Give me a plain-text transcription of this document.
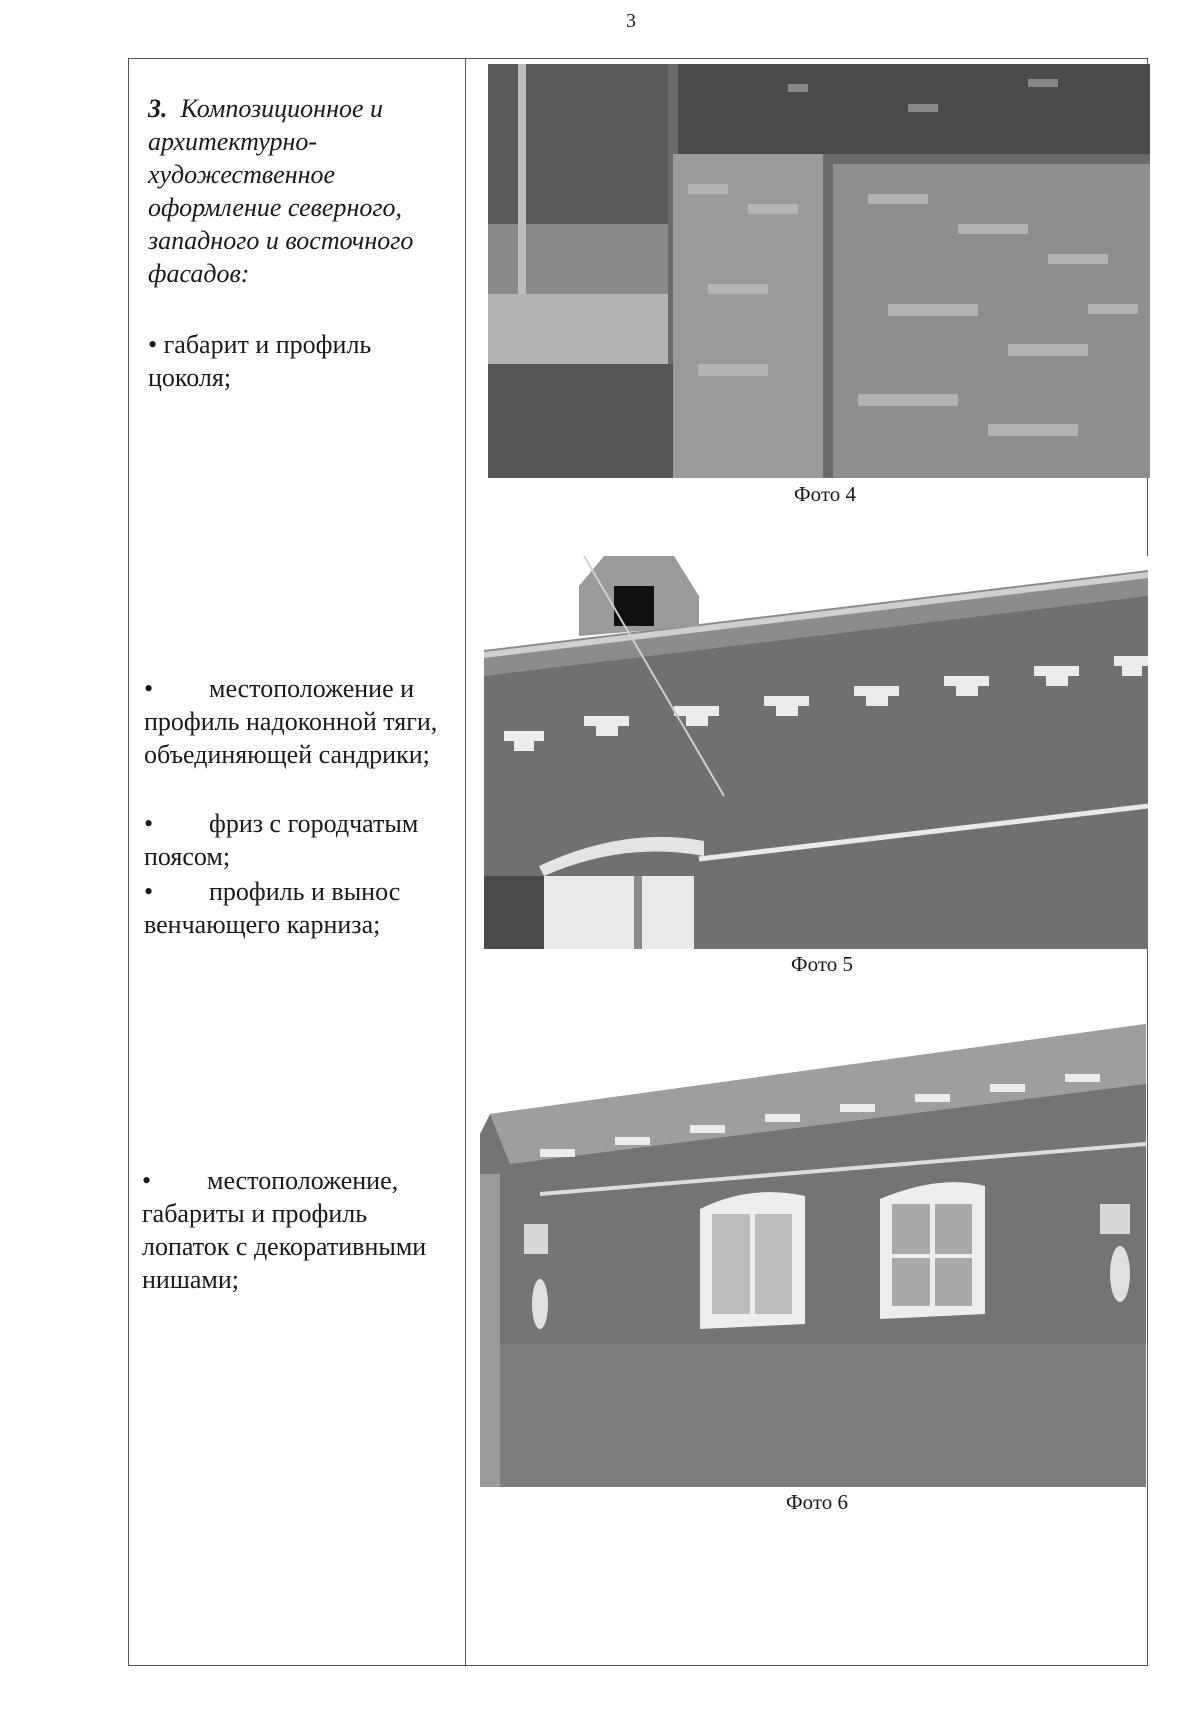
3
3. Композиционное и архитектурно-художественное оформление северного, западного и восточного фасадов:
• габарит и профиль цоколя;
• местоположение и профиль надоконной тяги, объединяющей сандрики;
• фриз с городчатым поясом;
• профиль и вынос венчающего карниза;
• местоположение, габариты и профиль лопаток с декоративными нишами;
Фото 4
Фото 5
Фото 6
